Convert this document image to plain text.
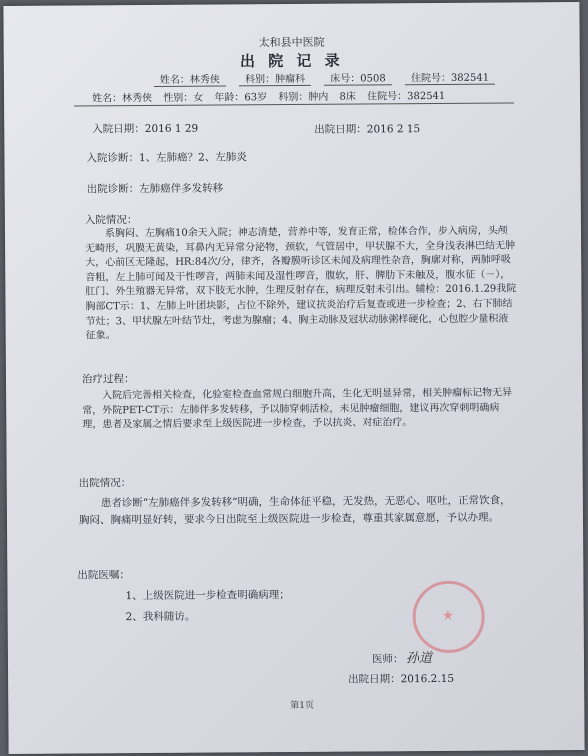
太和县中医院
出 院 记 录
姓名：林秀侠	科别：肿瘤科	床号：0508	住院号：382541
姓名：林秀侠 性别：女 年龄：63岁 科别：肿内 8床 住院号：382541
入院日期：2016 1 29	出院日期：2016 2 15
入院诊断：1、左肺癌？2、左肺炎
出院诊断：左肺癌伴多发转移
入院情况：
系胸闷、左胸痛10余天入院；神志清楚，营养中等，发育正常，检体合作，步入病房，头颅无畸形，巩膜无黄染，耳鼻内无异常分泌物，颈软，气管居中，甲状腺不大，全身浅表淋巴结无肿大，心前区无隆起，HR:84次/分，律齐，各瓣膜听诊区未闻及病理性杂音，胸廓对称，两肺呼吸音粗，左上肺可闻及干性啰音，两肺未闻及湿性啰音，腹软，肝、脾肋下未触及，腹水征（－），肛门、外生殖器无异常，双下肢无水肿，生理反射存在，病理反射未引出。辅检：2016.1.29我院胸部CT示：1、左肺上叶团块影，占位不除外，建议抗炎治疗后复查或进一步检查；2、右下肺结节灶；3、甲状腺左叶结节灶，考虑为腺瘤；4、胸主动脉及冠状动脉粥样硬化，心包腔少量积液征象。
治疗过程：
入院后完善相关检查，化验室检查血常规白细胞升高，生化无明显异常，相关肿瘤标记物无异常，外院PET-CT示：左肺伴多发转移，予以肺穿刺活检，未见肿瘤细胞，建议再次穿刺明确病理，患者及家属之情后要求至上级医院进一步检查，予以抗炎、对症治疗。
出院情况：
患者诊断“左肺癌伴多发转移”明确，生命体征平稳，无发热，无恶心、呕吐，正常饮食，胸闷、胸痛明显好转，要求今日出院至上级医院进一步检查，尊重其家属意愿，予以办理。
出院医嘱：
1、上级医院进一步检查明确病理；
2、我科随访。	★
医师： 孙道
出院日期：2016.2.15
第1页
